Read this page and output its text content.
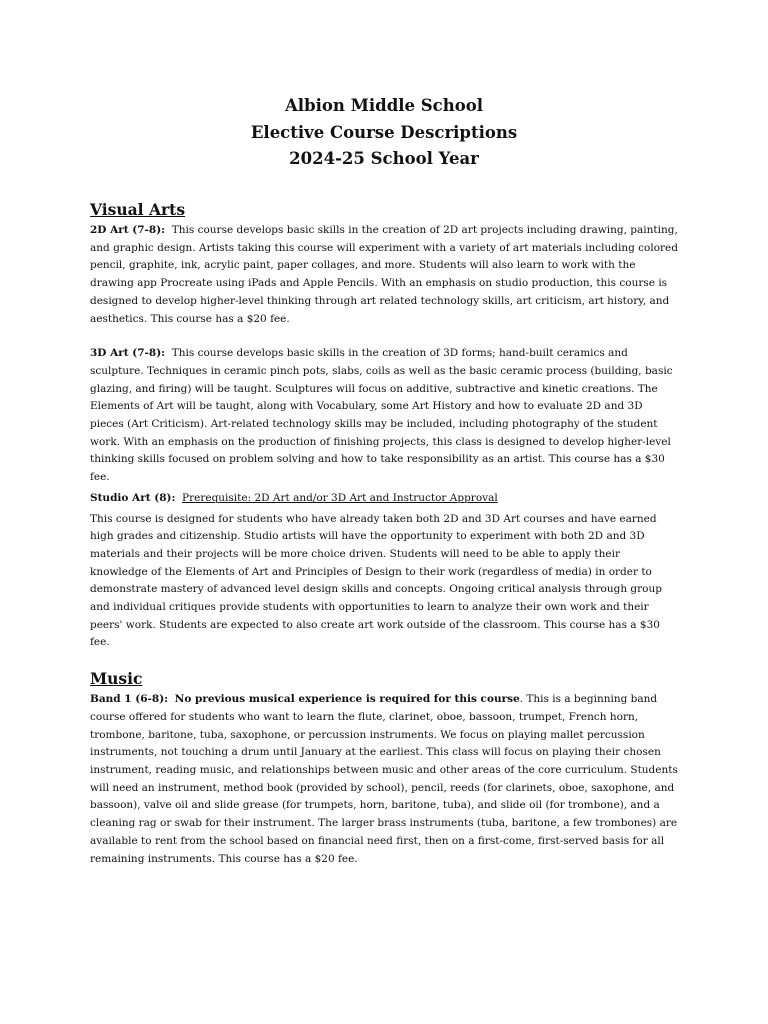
Albion Middle School
Elective Course Descriptions
2024-25 School Year
Visual Arts

2D Art (7-8): This course develops basic skills in the creation of 2D art projects including drawing, painting, and graphic design. Artists taking this course will experiment with a variety of art materials including colored pencil, graphite, ink, acrylic paint, paper collages, and more. Students will also learn to work with the drawing app Procreate using iPads and Apple Pencils. With an emphasis on studio production, this course is designed to develop higher-level thinking through art related technology skills, art criticism, art history, and aesthetics. This course has a $20 fee.

3D Art (7-8): This course develops basic skills in the creation of 3D forms; hand-built ceramics and sculpture. Techniques in ceramic pinch pots, slabs, coils as well as the basic ceramic process (building, basic glazing, and firing) will be taught. Sculptures will focus on additive, subtractive and kinetic creations. The Elements of Art will be taught, along with Vocabulary, some Art History and how to evaluate 2D and 3D pieces (Art Criticism). Art-related technology skills may be included, including photography of the student work. With an emphasis on the production of finishing projects, this class is designed to develop higher-level thinking skills focused on problem solving and how to take responsibility as an artist. This course has a $30 fee.

Studio Art (8): Prerequisite: 2D Art and/or 3D Art and Instructor Approval

This course is designed for students who have already taken both 2D and 3D Art courses and have earned high grades and citizenship. Studio artists will have the opportunity to experiment with both 2D and 3D materials and their projects will be more choice driven. Students will need to be able to apply their knowledge of the Elements of Art and Principles of Design to their work (regardless of media) in order to demonstrate mastery of advanced level design skills and concepts. Ongoing critical analysis through group and individual critiques provide students with opportunities to learn to analyze their own work and their peers' work. Students are expected to also create art work outside of the classroom. This course has a $30 fee.

Music

Band 1 (6-8): No previous musical experience is required for this course. This is a beginning band course offered for students who want to learn the flute, clarinet, oboe, bassoon, trumpet, French horn, trombone, baritone, tuba, saxophone, or percussion instruments. We focus on playing mallet percussion instruments, not touching a drum until January at the earliest. This class will focus on playing their chosen instrument, reading music, and relationships between music and other areas of the core curriculum. Students will need an instrument, method book (provided by school), pencil, reeds (for clarinets, oboe, saxophone, and bassoon), valve oil and slide grease (for trumpets, horn, baritone, tuba), and slide oil (for trombone), and a cleaning rag or swab for their instrument. The larger brass instruments (tuba, baritone, a few trombones) are available to rent from the school based on financial need first, then on a first-come, first-served basis for all remaining instruments. This course has a $20 fee.
